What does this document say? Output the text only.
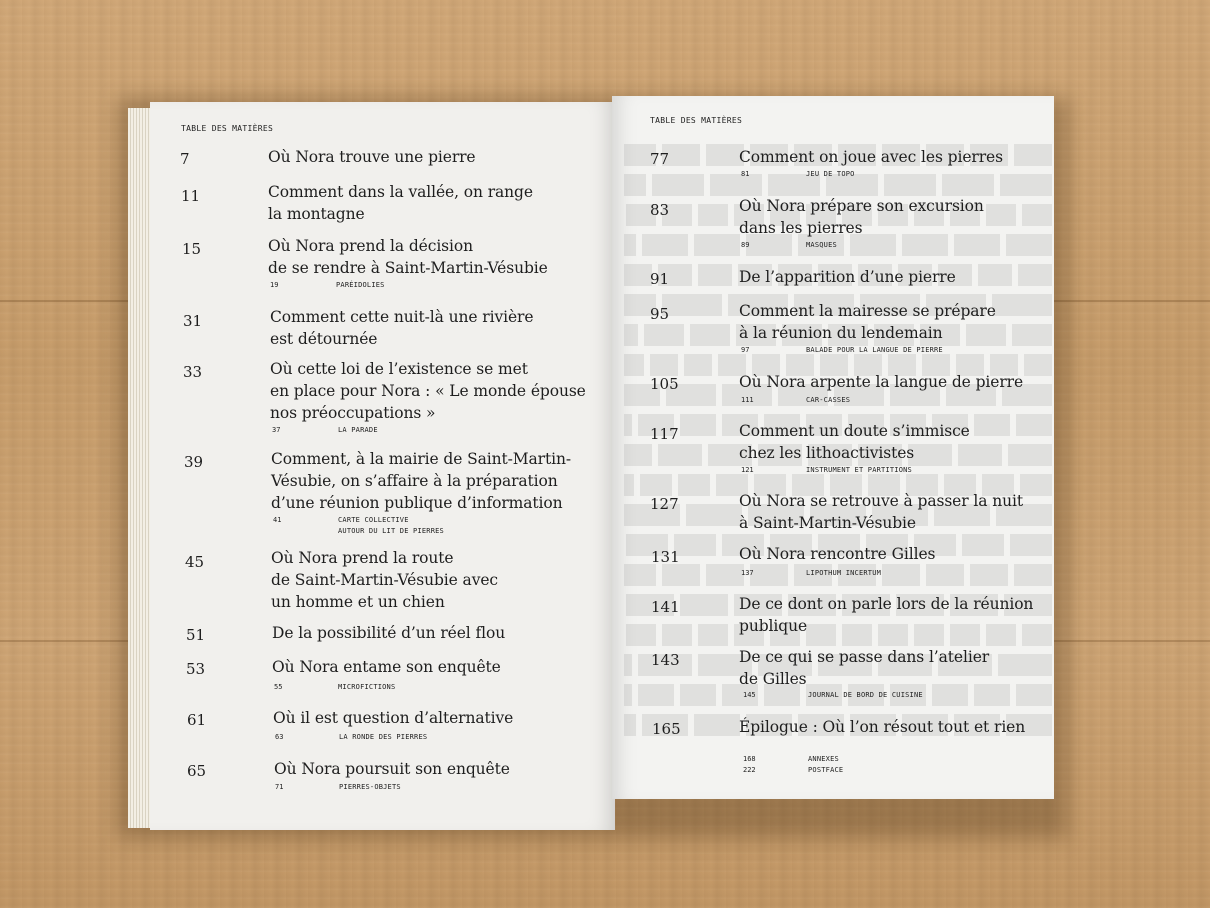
TABLE DES MATIÈRES
7	Où Nora trouve une pierre
11	Comment dans la vallée, on range
la montagne
15	Où Nora prend la décision
de se rendre à Saint-Martin-Vésubie
19	PARÉIDOLIES
31	Comment cette nuit-là une rivière
est détournée
33	Où cette loi de l’existence se met
en place pour Nora : « Le monde épouse
nos préoccupations »
37	LA PARADE
39	Comment, à la mairie de Saint-Martin-
Vésubie, on s’affaire à la préparation
d’une réunion publique d’information
41	CARTE COLLECTIVE
AUTOUR DU LIT DE PIERRES
45	Où Nora prend la route
de Saint-Martin-Vésubie avec
un homme et un chien
51	De la possibilité d’un réel flou
53	Où Nora entame son enquête
55	MICROFICTIONS
61	Où il est question d’alternative
63	LA RONDE DES PIERRES
65	Où Nora poursuit son enquête
71	PIERRES-OBJETS
TABLE DES MATIÈRES
77	Comment on joue avec les pierres
81	JEU DE TOPO
83	Où Nora prépare son excursion
dans les pierres
89	MASQUES
91	De l’apparition d’une pierre
95	Comment la mairesse se prépare
à la réunion du lendemain
97	BALADE POUR LA LANGUE DE PIERRE
105	Où Nora arpente la langue de pierre
111	CAR-CASSES
117	Comment un doute s’immisce
chez les lithoactivistes
121	INSTRUMENT ET PARTITIONS
127	Où Nora se retrouve à passer la nuit
à Saint-Martin-Vésubie
131	Où Nora rencontre Gilles
137	LIPOTHUM INCERTUM
141	De ce dont on parle lors de la réunion
publique
143	De ce qui se passe dans l’atelier
de Gilles
145	JOURNAL DE BORD DE CUISINE
165	Épilogue : Où l’on résout tout et rien
168	ANNEXES
222	POSTFACE
